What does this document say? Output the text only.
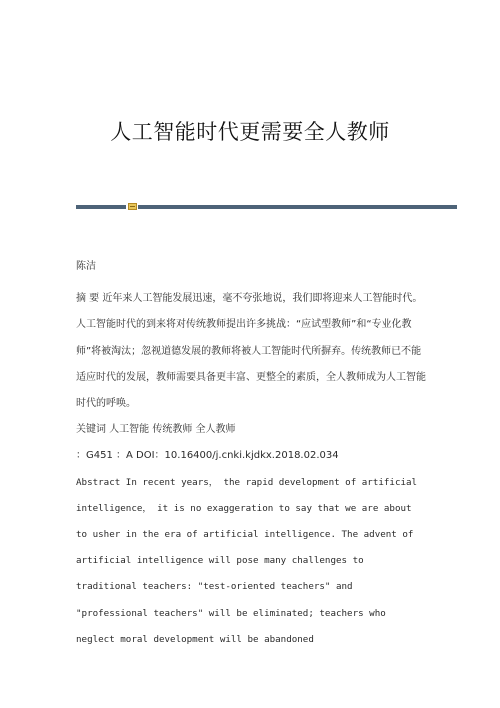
人工智能时代更需要全人教师

陈洁

摘 要 近年来人工智能发展迅速，毫不夸张地说，我们即将迎来人工智能时代。人工智能时代的到来将对传统教师提出许多挑战：“应试型教师”和“专业化教师”将被淘汰；忽视道德发展的教师将被人工智能时代所摒弃。传统教师已不能适应时代的发展，教师需要具备更丰富、更整全的素质，全人教师成为人工智能时代的呼唤。

关键词 人工智能 传统教师 全人教师

：G451 ：A DOI：10.16400/j.cnki.kjdkx.2018.02.034

Abstract In recent years， the rapid development of artificial intelligence， it is no exaggeration to say that we are about to usher in the era of artificial intelligence. The advent of artificial intelligence will pose many challenges to traditional teachers: "test-oriented teachers" and "professional teachers" will be eliminated; teachers who neglect moral development will be abandoned
